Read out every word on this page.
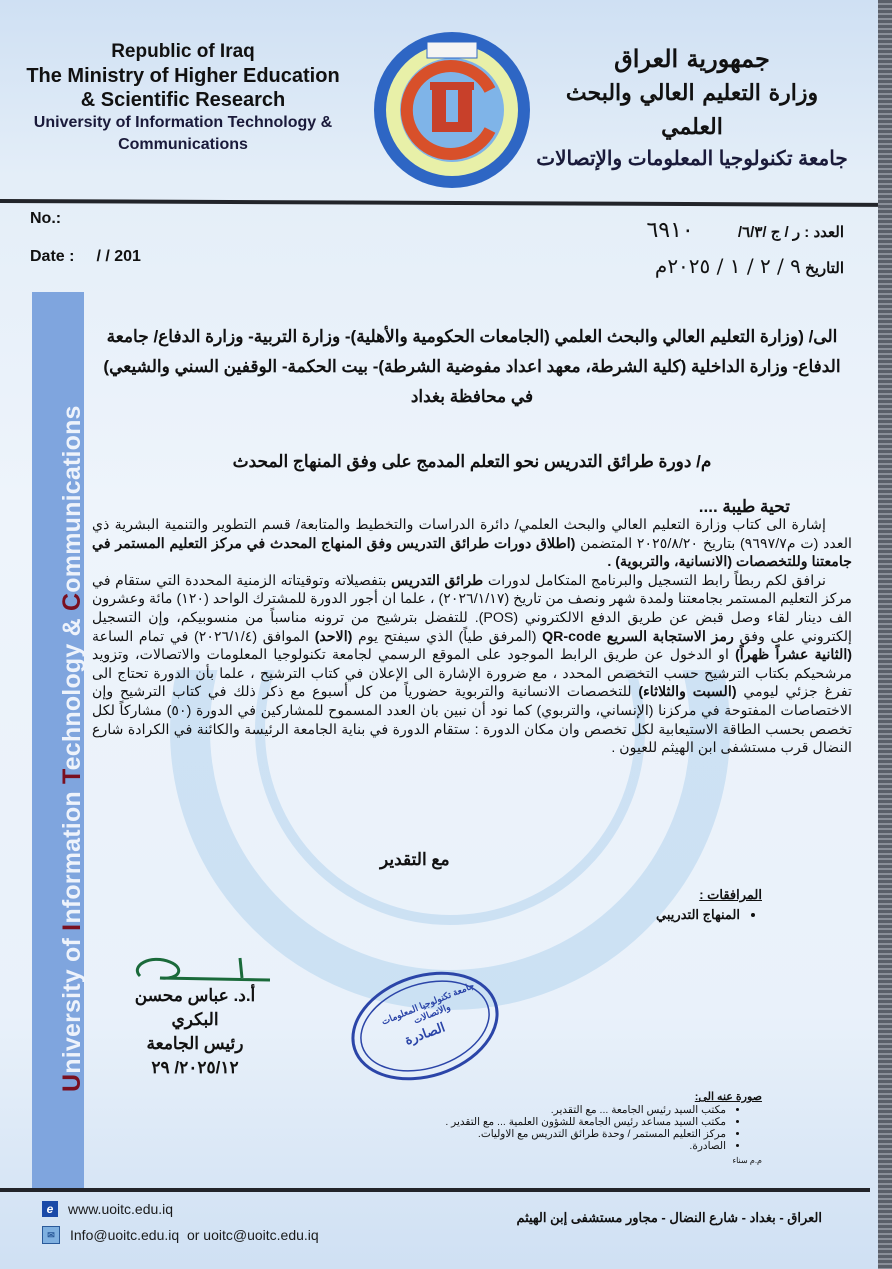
Republic of Iraq
The Ministry of Higher Education
& Scientific Research
University of Information Technology &
Communications
جمهورية العراق
وزارة التعليم العالي والبحث العلمي
جامعة تكنولوجيا المعلومات والإتصالات
No.:
Date : / / 201
العدد : ر / ج /٦/٣/ ٦٩١٠
التاريخ ٩ / ٢ / ١ / ٢٠٢٥م
University of Information Technology & Communications
الى/ (وزارة التعليم العالي والبحث العلمي (الجامعات الحكومية والأهلية)- وزارة التربية- وزارة الدفاع/ جامعة الدفاع- وزارة الداخلية (كلية الشرطة، معهد اعداد مفوضية الشرطة)- بيت الحكمة- الوقفين السني والشيعي) في محافظة بغداد
م/ دورة طرائق التدريس نحو التعلم المدمج على وفق المنهاج المحدث
تحية طيبة ....

إشارة الى كتاب وزارة التعليم العالي والبحث العلمي/ دائرة الدراسات والتخطيط والمتابعة/ قسم التطوير والتنمية البشرية ذي العدد (ت م٩٦٩٧/٧) بتاريخ ٢٠٢٥/٨/٢٠ المتضمن (اطلاق دورات طرائق التدريس وفق المنهاج المحدث في مركز التعليم المستمر في جامعتنا وللتخصصات (الانسانية، والتربوية) .

نرافق لكم ربطاً رابط التسجيل والبرنامج المتكامل لدورات طرائق التدريس بتفصيلاته وتوقيتاته الزمنية المحددة التي ستقام في مركز التعليم المستمر بجامعتنا ولمدة شهر ونصف من تاريخ (٢٠٢٦/١/١٧) ، علما ان أجور الدورة للمشترك الواحد (١٢٠) مائة وعشرون الف دينار لقاء وصل قبض عن طريق الدفع الالكتروني (POS). للتفضل بترشيح من ترونه مناسباً من منسوبيكم، وإن التسجيل إلكتروني على وفق رمز الاستجابة السريع QR-code (المرفق طياً) الذي سيفتح يوم (الاحد) الموافق (٢٠٢٦/١/٤) في تمام الساعة (الثانية عشراً ظهراً) او الدخول عن طريق الرابط الموجود على الموقع الرسمي لجامعة تكنولوجيا المعلومات والاتصالات، وتزويد مرشحيكم بكتاب الترشيح حسب التخصص المحدد ، مع ضرورة الإشارة الى الإعلان في كتاب الترشيح ، علما بأن الدورة تحتاج الى تفرغ جزئي ليومي (السبت والثلاثاء) للتخصصات الانسانية والتربوية حضورياً من كل أسبوع مع ذكر ذلك في كتاب الترشيح وإن الاختصاصات المفتوحة في مركزنا (الإنساني، والتربوي) كما نود أن نبين بان العدد المسموح للمشاركين في الدورة (٥٠) مشاركاً لكل تخصص بحسب الطاقة الاستيعابية لكل تخصص وان مكان الدورة : ستقام الدورة في بناية الجامعة الرئيسة والكائنة في الكرادة شارع النضال قرب مستشفى ابن الهيثم للعيون .

مع التقدير
المرافقات :
• المنهاج التدريبي
أ.د. عباس محسن البكري
رئيس الجامعة
٢٠٢٥/١٢/ ٢٩
جامعة تكنولوجيا المعلومات والاتصالات
الصادرة
صورة عنه الى:
• مكتب السيد رئيس الجامعة ... مع التقدير.
• مكتب السيد مساعد رئيس الجامعة للشؤون العلمية ... مع التقدير .
• مركز التعليم المستمر / وحدة طرائق التدريس مع الاوليات.
• الصادرة.
م.م سناء
e	www.uoitc.edu.iq
✉	Info@uoitc.edu.iq  or uoitc@uoitc.edu.iq
العراق - بغداد - شارع النضال - مجاور مستشفى إبن الهيثم
